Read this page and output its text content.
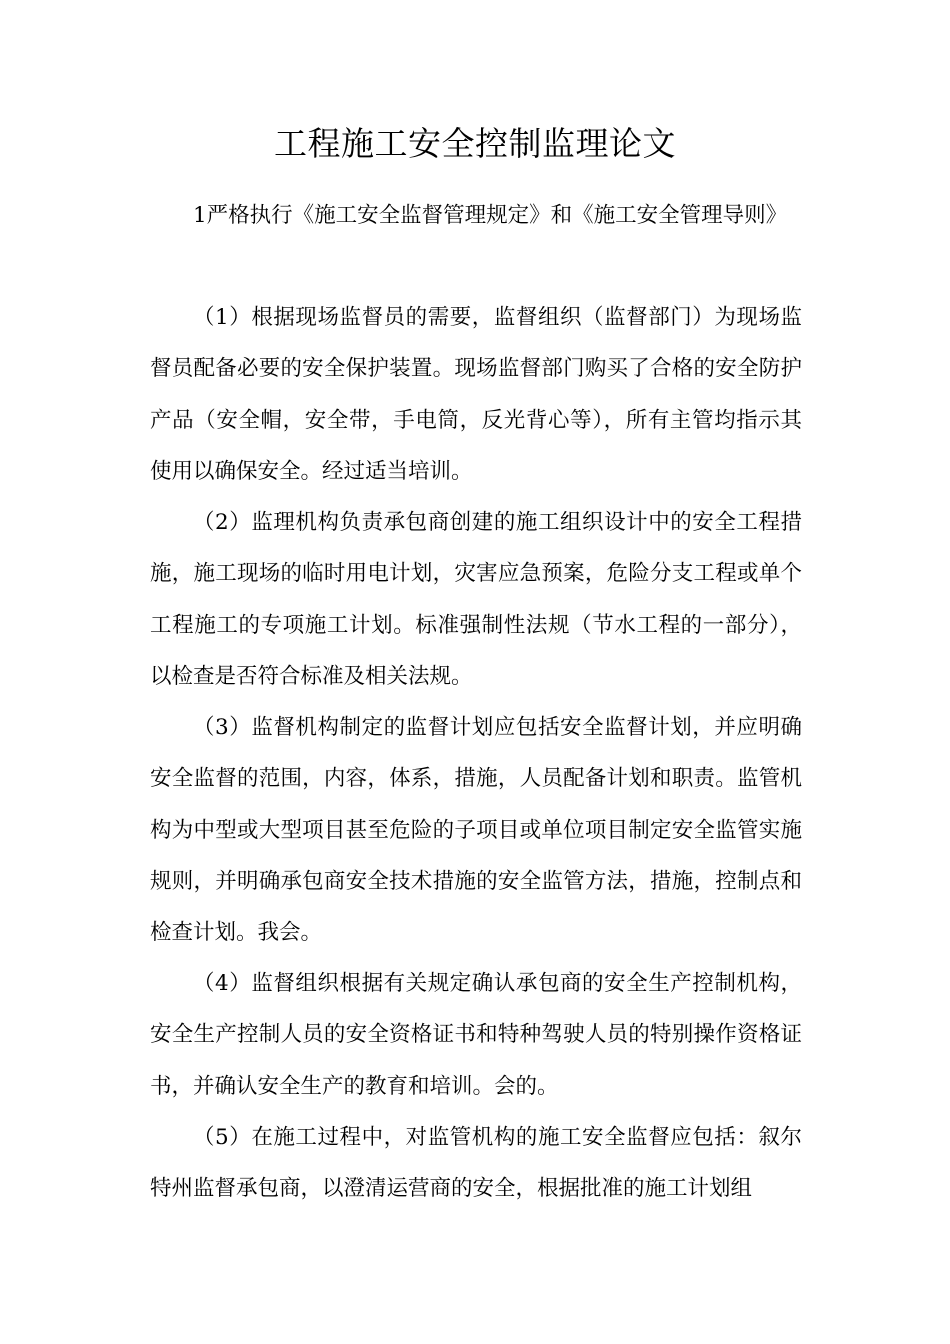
工程施工安全控制监理论文

1严格执行《施工安全监督管理规定》和《施工安全管理导则》

（1）根据现场监督员的需要，监督组织（监督部门）为现场监督员配备必要的安全保护装置。现场监督部门购买了合格的安全防护产品（安全帽，安全带，手电筒，反光背心等），所有主管均指示其使用以确保安全。经过适当培训。

（2）监理机构负责承包商创建的施工组织设计中的安全工程措施，施工现场的临时用电计划，灾害应急预案，危险分支工程或单个工程施工的专项施工计划。标准强制性法规（节水工程的一部分），以检查是否符合标准及相关法规。

（3）监督机构制定的监督计划应包括安全监督计划，并应明确安全监督的范围，内容，体系，措施，人员配备计划和职责。监管机构为中型或大型项目甚至危险的子项目或单位项目制定安全监管实施规则，并明确承包商安全技术措施的安全监管方法，措施，控制点和检查计划。我会。

（4）监督组织根据有关规定确认承包商的安全生产控制机构，安全生产控制人员的安全资格证书和特种驾驶人员的特别操作资格证书，并确认安全生产的教育和培训。会的。

（5）在施工过程中，对监管机构的施工安全监督应包括：叙尔特州监督承包商，以澄清运营商的安全，根据批准的施工计划组
